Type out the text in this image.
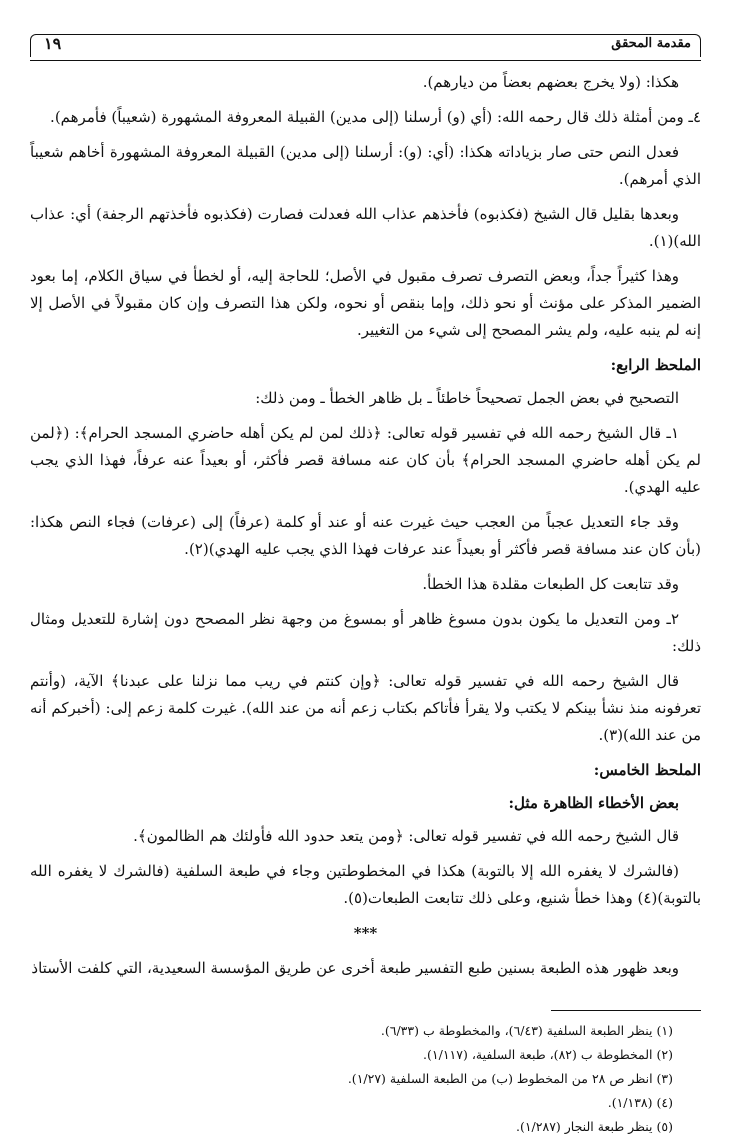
مقدمة المحقق
١٩

هكذا: (ولا يخرج بعضهم بعضاً من ديارهم).

٤ـ ومن أمثلة ذلك قال رحمه الله: (أي (و) أرسلنا (إلى مدين) القبيلة المعروفة المشهورة (شعيباً) فأمرهم).

فعدل النص حتى صار بزياداته هكذا: (أي: (و): أرسلنا (إلى مدين) القبيلة المعروفة المشهورة أخاهم شعيباً الذي أمرهم).

وبعدها بقليل قال الشيخ (فكذبوه) فأخذهم عذاب الله فعدلت فصارت (فكذبوه فأخذتهم الرجفة) أي: عذاب الله)(١).

وهذا كثيراً جداً، وبعض التصرف تصرف مقبول في الأصل؛ للحاجة إليه، أو لخطأ في سياق الكلام، إما بعود الضمير المذكر على مؤنث أو نحو ذلك، وإما بنقص أو نحوه، ولكن هذا التصرف وإن كان مقبولاً في الأصل إلا إنه لم ينبه عليه، ولم يشر المصحح إلى شيء من التغيير.

الملحظ الرابع:

التصحيح في بعض الجمل تصحيحاً خاطئاً ـ بل ظاهر الخطأ ـ ومن ذلك:

١ـ قال الشيخ رحمه الله في تفسير قوله تعالى: ﴿ذلك لمن لم يكن أهله حاضري المسجد الحرام﴾: (﴿لمن لم يكن أهله حاضري المسجد الحرام﴾ بأن كان عنه مسافة قصر فأكثر، أو بعيداً عنه عرفاً، فهذا الذي يجب عليه الهدي).

وقد جاء التعديل عجباً من العجب حيث غيرت عنه أو عند أو كلمة (عرفاً) إلى (عرفات) فجاء النص هكذا: (بأن كان عند مسافة قصر فأكثر أو بعيداً عند عرفات فهذا الذي يجب عليه الهدي)(٢).

وقد تتابعت كل الطبعات مقلدة هذا الخطأ.

٢ـ ومن التعديل ما يكون بدون مسوغ ظاهر أو بمسوغ من وجهة نظر المصحح دون إشارة للتعديل ومثال ذلك:

قال الشيخ رحمه الله في تفسير قوله تعالى: ﴿وإن كنتم في ريب مما نزلنا على عبدنا﴾ الآية، (وأنتم تعرفونه منذ نشأ بينكم لا يكتب ولا يقرأ فأتاكم بكتاب زعم أنه من عند الله). غيرت كلمة زعم إلى: (أخبركم أنه من عند الله)(٣).

الملحظ الخامس:
بعض الأخطاء الظاهرة مثل:

قال الشيخ رحمه الله في تفسير قوله تعالى: ﴿ومن يتعد حدود الله فأولئك هم الظالمون﴾.

(فالشرك لا يغفره الله إلا بالتوبة) هكذا في المخطوطتين وجاء في طبعة السلفية (فالشرك لا يغفره الله بالتوبة)(٤) وهذا خطأ شنيع، وعلى ذلك تتابعت الطبعات(٥).

***

وبعد ظهور هذه الطبعة بسنين طبع التفسير طبعة أخرى عن طريق المؤسسة السعيدية، التي كلفت الأستاذ

(١) ينظر الطبعة السلفية (٦/٤٣)، والمخطوطة ب (٦/٣٣).

(٢) المخطوطة ب (٨٢)، طبعة السلفية، (١/١١٧).

(٣) انظر ص ٢٨ من المخطوط (ب) من الطبعة السلفية (١/٢٧).

(٤) (١/١٣٨).

(٥) ينظر طبعة النجار (١/٢٨٧).
